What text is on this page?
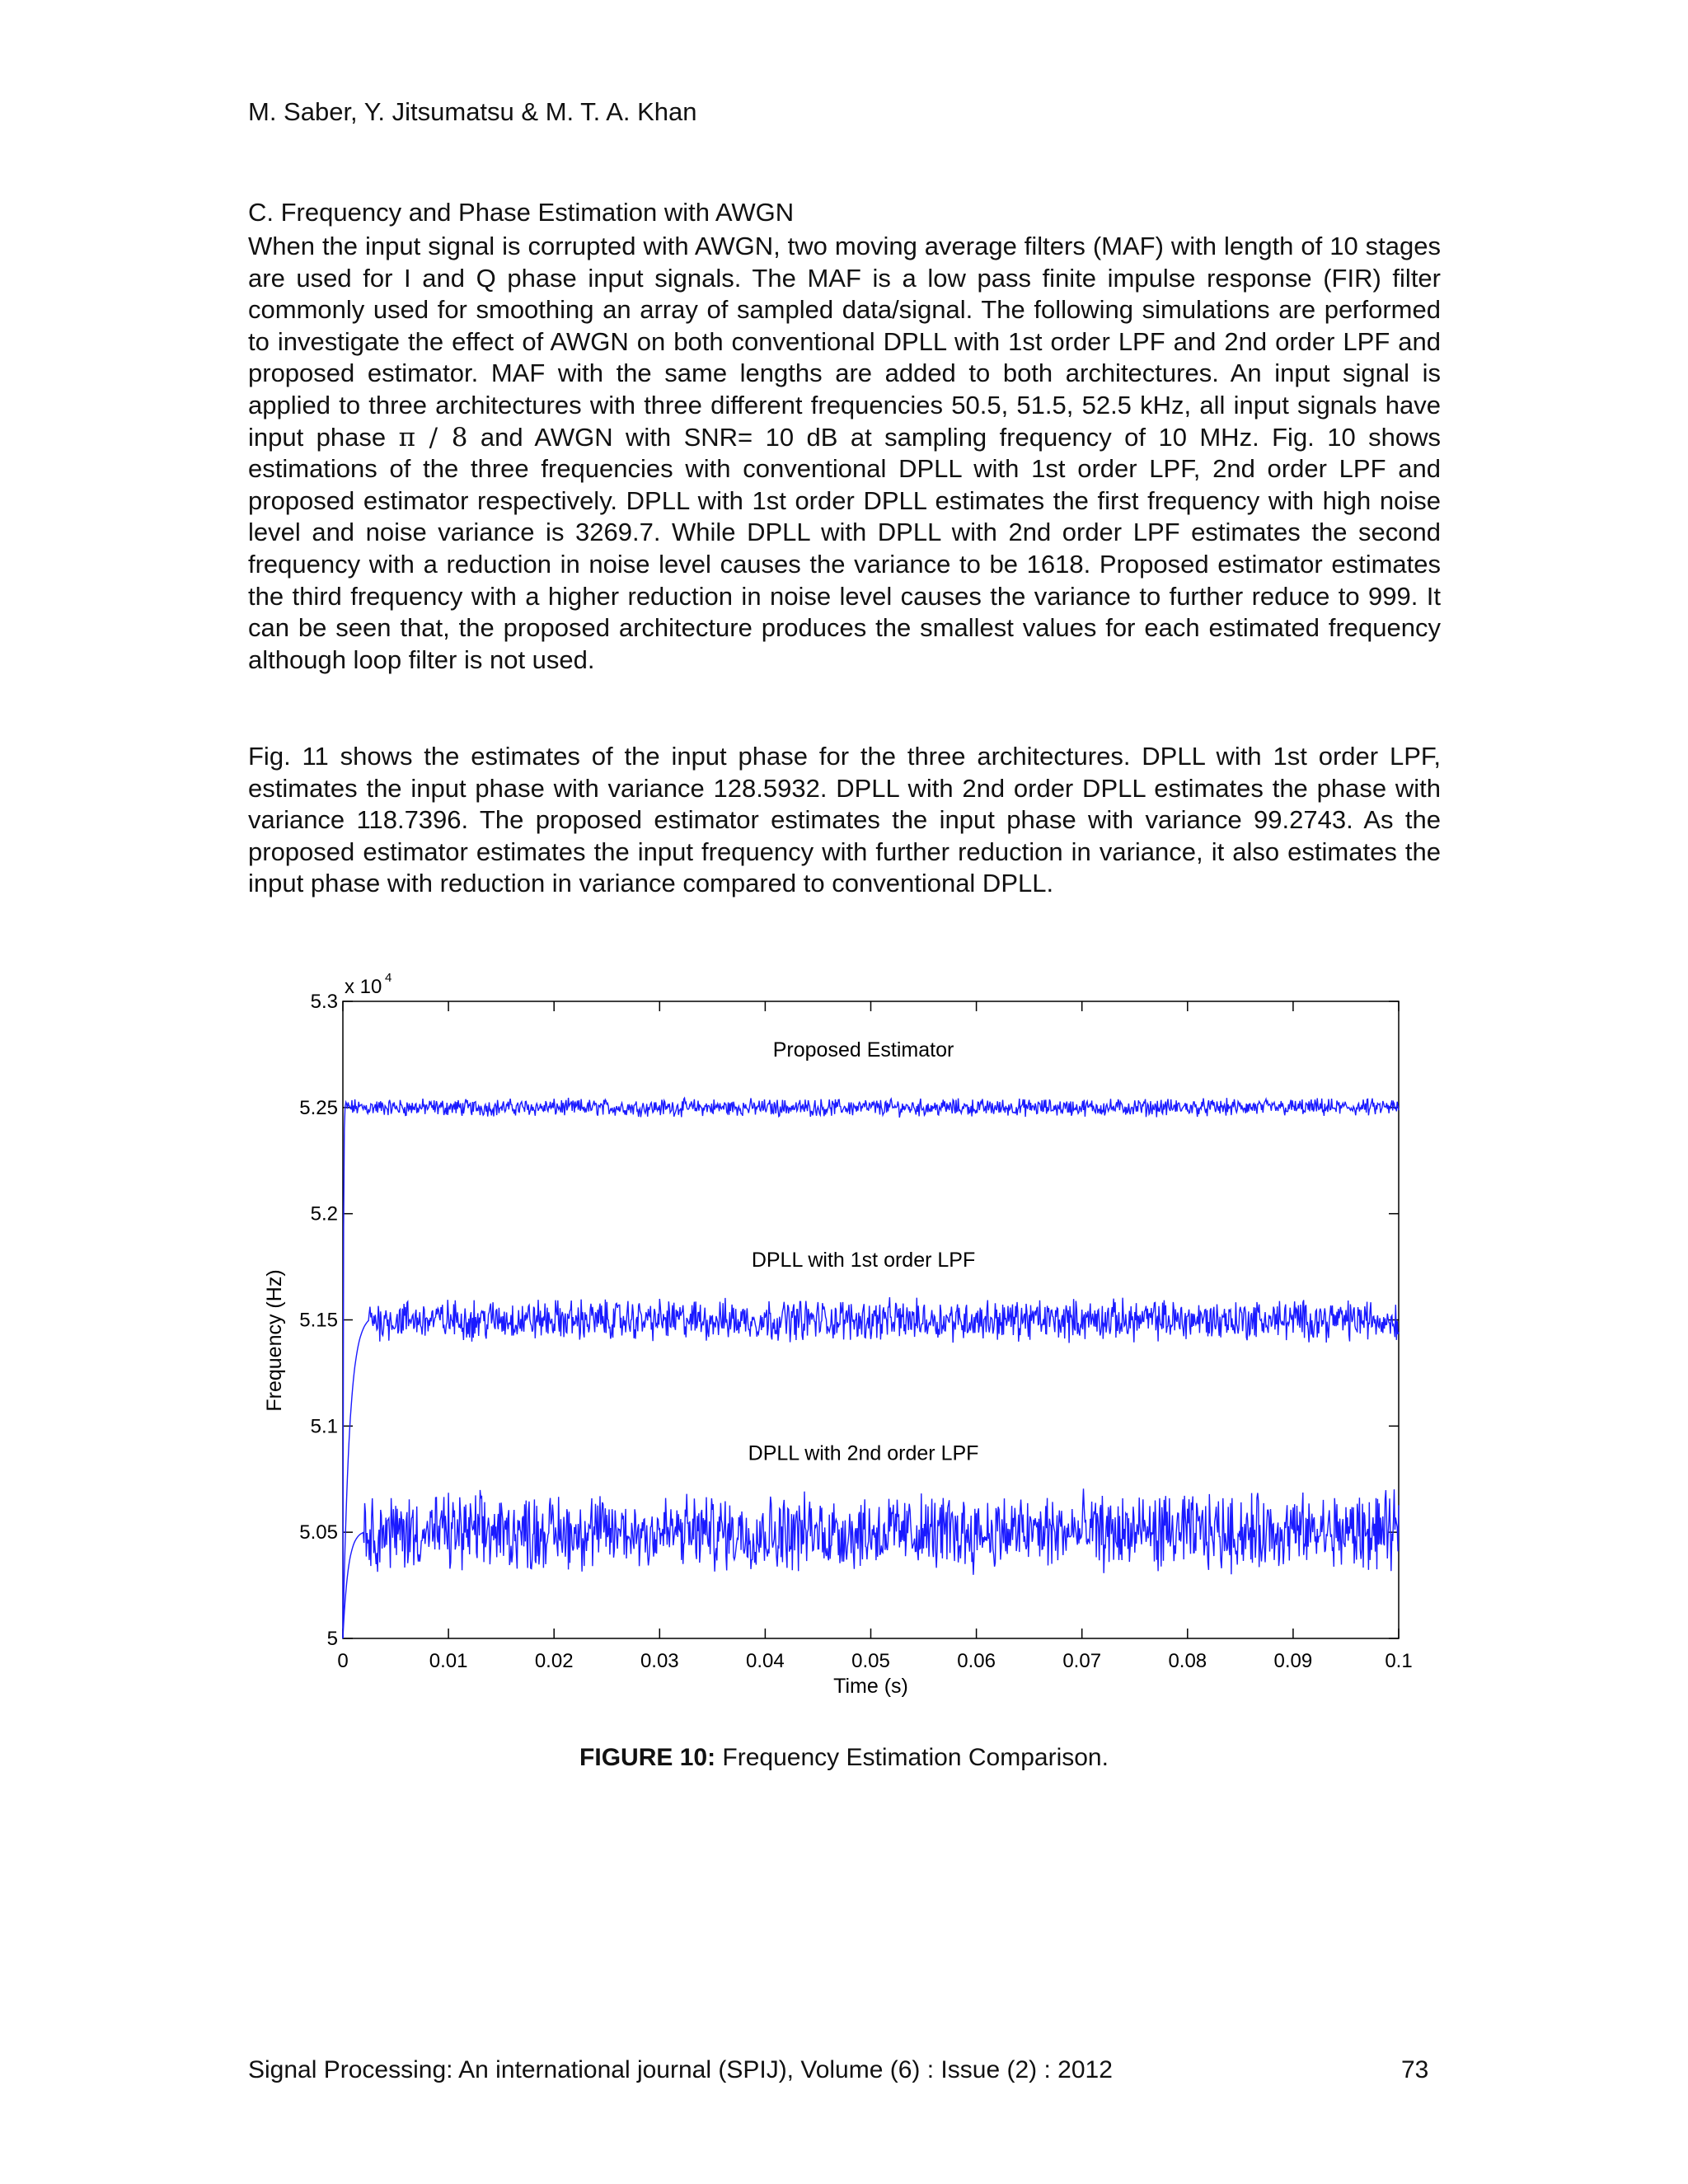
M. Saber, Y. Jitsumatsu & M. T. A. Khan
C. Frequency and Phase Estimation with AWGN

When the input signal is corrupted with AWGN, two moving average filters (MAF) with length of 10 stages are used for I and Q phase input signals. The MAF is a low pass finite impulse response (FIR) filter commonly used for smoothing an array of sampled data/signal. The following simulations are performed to investigate the effect of AWGN on both conventional DPLL with 1st order LPF and 2nd order LPF and proposed estimator. MAF with the same lengths are added to both architectures. An input signal is applied to three architectures with three different frequencies 50.5, 51.5, 52.5 kHz, all input signals have input phase π / 8 and AWGN with SNR= 10 dB at sampling frequency of 10 MHz. Fig. 10 shows estimations of the three frequencies with conventional DPLL with 1st order LPF, 2nd order LPF and proposed estimator respectively. DPLL with 1st order DPLL estimates the first frequency with high noise level and noise variance is 3269.7. While DPLL with DPLL with 2nd order LPF estimates the second frequency with a reduction in noise level causes the variance to be 1618. Proposed estimator estimates the third frequency with a higher reduction in noise level causes the variance to further reduce to 999. It can be seen that, the proposed architecture produces the smallest values for each estimated frequency although loop filter is not used.

Fig. 11 shows the estimates of the input phase for the three architectures. DPLL with 1st order LPF, estimates the input phase with variance 128.5932. DPLL with 2nd order DPLL estimates the phase with variance 118.7396. The proposed estimator estimates the input phase with variance 99.2743. As the proposed estimator estimates the input frequency with further reduction in variance, it also estimates the input phase with reduction in variance compared to conventional DPLL.

0	0.01	0.02	0.03	0.04	0.05	0.06	0.07	0.08	0.09	0.1
5
5.05
5.1
5.15
5.2
5.25
5.3
x 10 4
Time (s)
Frequency (Hz)
Proposed Estimator
DPLL with 1st order LPF
DPLL with 2nd order LPF
FIGURE 10: Frequency Estimation Comparison.
Signal Processing: An international journal (SPIJ), Volume (6) : Issue (2) : 2012	73
